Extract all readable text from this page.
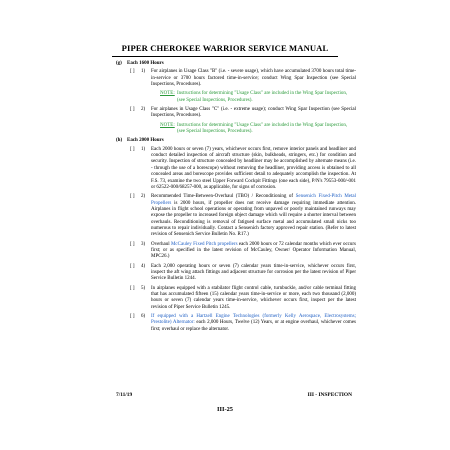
PIPER CHEROKEE WARRIOR SERVICE MANUAL
(g)	Each 1600 Hours
[ ]	1)	For airplanes in Usage Class "B" (i.e. - severe usage), which have accumulated 3700 hours total time-in-service or 3700 hours factored time-in-service; conduct Wing Spar Inspection (see Special Inspections, Procedures).
NOTE: Instructions for determining "Usage Class" are included in the Wing Spar Inspection, (see Special Inspections, Procedures).
[ ]	2)	For airplanes in Usage Class "C" (i.e. - extreme usage); conduct Wing Spar Inspection (see Special Inspections, Procedures).
NOTE: Instructions for determining "Usage Class" are included in the Wing Spar Inspection, (see Special Inspections, Procedures).
(h) Each 2000 Hours
[ ]	1)	Each 2000 hours or seven (7) years, whichever occurs first, remove interior panels and headliner and conduct detailed inspection of aircraft structure (skin, bulkheads, stringers, etc.) for condition and security. Inspection of structure concealed by headliner may be accomplished by alternate means (i.e. - through the use of a borescope) without removing the headliner, providing access is obtained to all concealed areas and borescope provides sufficient detail to adequately accomplish the inspection. At F.S. 73, examine the two steel Upper Forward Cockpit Fittings (one each side), P/N's 79553-000/-001 or 62522-000/68257-000, as applicable, for signs of corrosion.
[ ]	2)	Recommended Time-Between-Overhaul (TBO) / Reconditioning of Sensenich Fixed-Pitch Metal Propellers is 2000 hours, if propeller does not receive damage requiring immediate attention. Airplanes in flight school operations or operating from unpaved or poorly maintained runways may expose the propeller to increased foreign object damage which will require a shorter interval between overhauls. Reconditioning is removal of fatigued surface metal and accumulated small nicks too numerous to repair individually. Contact a Sensenich factory approved repair station. (Refer to latest revision of Sensenich Service Bulletin No. R17.)
[ ]	3)	Overhaul McCauley Fixed Pitch propellers each 2000 hours or 72 calendar months which ever occurs first; or as specified in the latest revision of McCauley, Owner/ Operator Information Manual, MPC26.)
[ ]	4)	Each 2,000 operating hours or seven (7) calendar years time-in-service, whichever occurs first, inspect the aft wing attach fittings and adjacent structure for corrosion per the latest revision of Piper Service Bulletin 1244.
[ ]	5)	In airplanes equipped with a stabilator flight control cable, turnbuckle, and/or cable terminal fitting that has accumulated fifteen (15) calendar years time-in-service or more, each two thousand (2,000) hours or seven (7) calendar years time-in-service, whichever occurs first, inspect per the latest revision of Piper Service Bulletin 1245.
[ ]	6)	If equipped with a Hartzell Engine Technologies (formerly Kelly Aerospace, Electrosystems; Prestolite) Alternator: each 2,000 Hours, Twelve (12) Years, or at engine overhaul, whichever comes first; overhaul or replace the alternator.
7/11/19	III - INSPECTION
III-25
